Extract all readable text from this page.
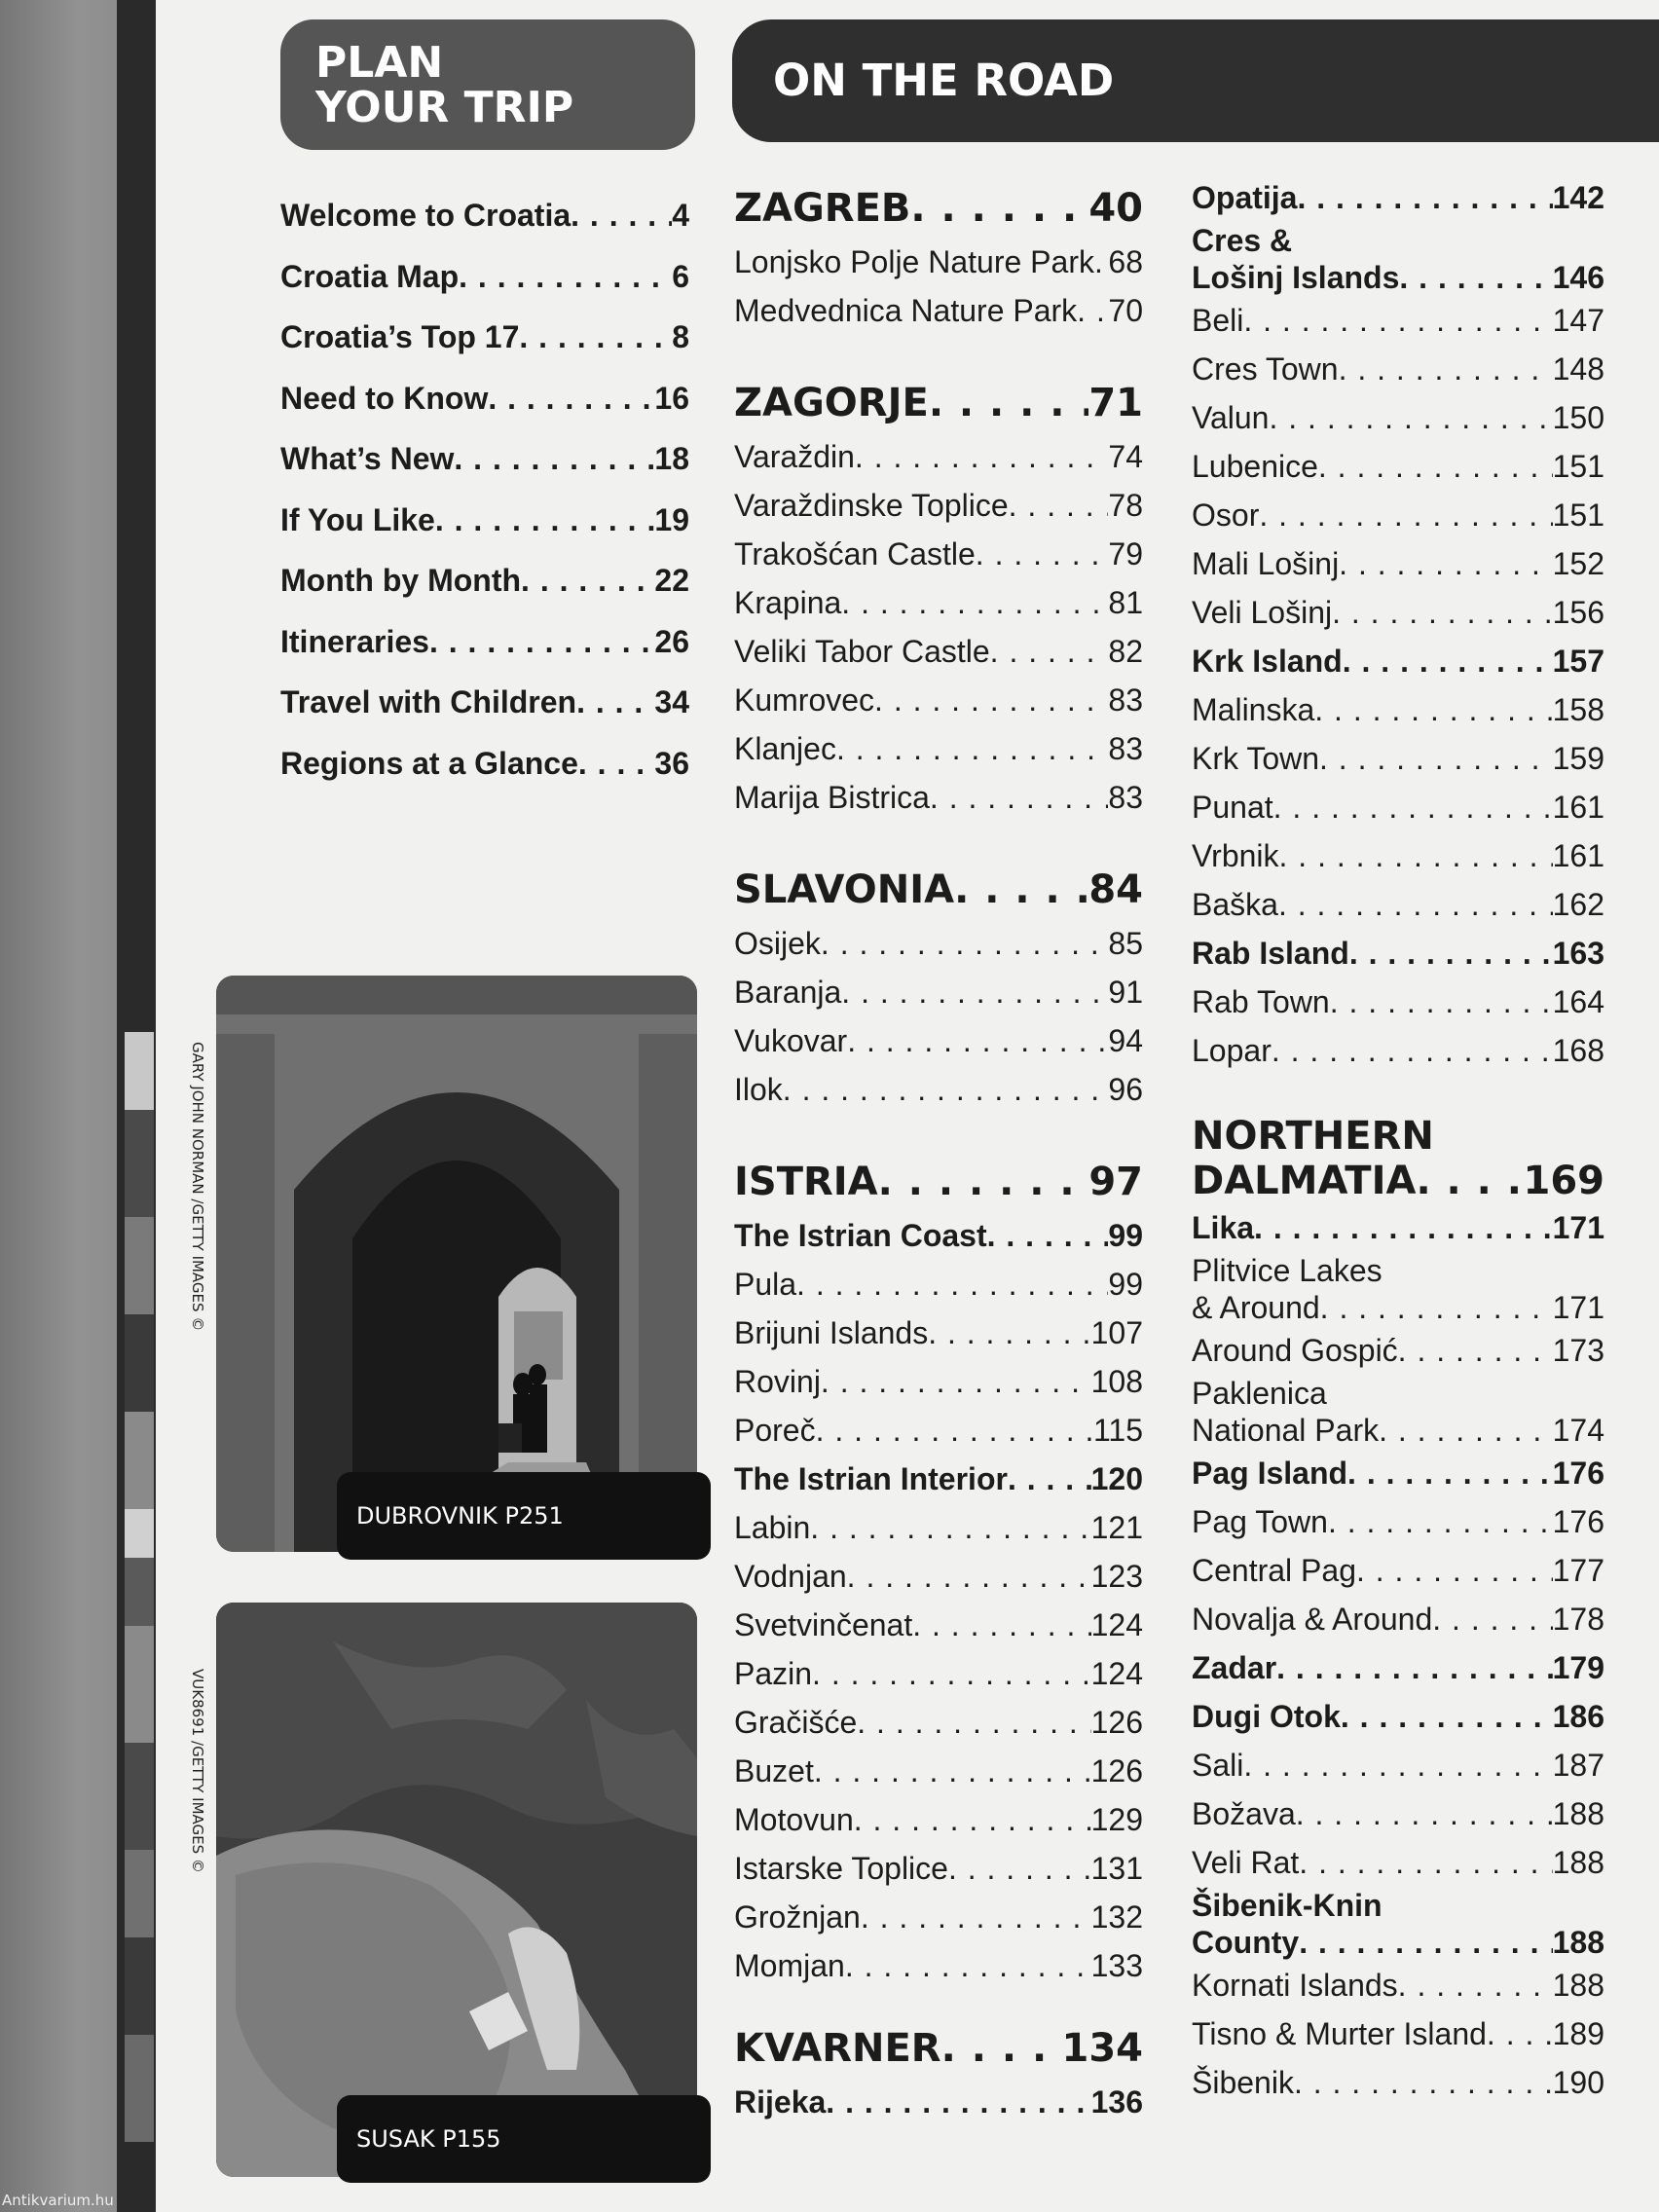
Antikvarium.hu
PLAN
YOUR TRIP
ON THE ROAD
Welcome to Croatia . . .	4
Croatia Map . . .	6
Croatia’s Top 17 . . .	8
Need to Know . . .	16
What’s New . . .	18
If You Like . . .	19
Month by Month . . .	22
Itineraries . . .	26
Travel with Children . . .	34
Regions at a Glance . . . 36
DUBROVNIK P251
GARY JOHN NORMAN /GETTY IMAGES ©
SUSAK P155
VUK8691 /GETTY IMAGES ©
ZAGREB . . .	40
Lonjsko Polje Nature Park . . . 68
Medvednica Nature Park . . . 70
ZAGORJE . . .	71
Varaždin . . .	74
Varaždinske Toplice . . .	78
Trakošćan Castle . . .	79
Krapina . . .	81
Veliki Tabor Castle . . .	82
Kumrovec . . .	83
Klanjec . . .	83
Marija Bistrica . . .	83
SLAVONIA . . .	84
Osijek . . .	85
Baranja . . .	91
Vukovar . . .	94
Ilok . . .	96
ISTRIA . . .	97
The Istrian Coast . . .	99
Pula . . .	99
Brijuni Islands . . .	107
Rovinj . . .	108
Poreč . . .	115
The Istrian Interior . . .	120
Labin . . .	121
Vodnjan . . .	123
Svetvinčenat . . .	124
Pazin . . .	124
Gračišće . . .	126
Buzet . . .	126
Motovun . . .	129
Istarske Toplice . . .	131
Grožnjan . . .	132
Momjan . . .	133
KVARNER . . .	134
Rijeka . . .	136
Opatija . . .	142
Cres &
Lošinj Islands . . .	146
Beli . . .	147
Cres Town . . .	148
Valun . . .	150
Lubenice . . .	151
Osor . . .	151
Mali Lošinj . . .	152
Veli Lošinj . . .	156
Krk Island . . .	157
Malinska . . .	158
Krk Town . . .	159
Punat . . .	161
Vrbnik . . .	161
Baška . . .	162
Rab Island . . .	163
Rab Town . . .	164
Lopar . . .	168
NORTHERN
DALMATIA . . .	169
Lika . . .	171
Plitvice Lakes
& Around . . .	171
Around Gospić . . .	173
Paklenica
National Park . . .	174
Pag Island . . .	176
Pag Town . . .	176
Central Pag . . .	177
Novalja & Around . . .	178
Zadar . . .	179
Dugi Otok . . .	186
Sali . . .	187
Božava . . .	188
Veli Rat . . .	188
Šibenik-Knin
County . . .	188
Kornati Islands . . .	188
Tisno & Murter Island . . . 189
Šibenik . . .	190
